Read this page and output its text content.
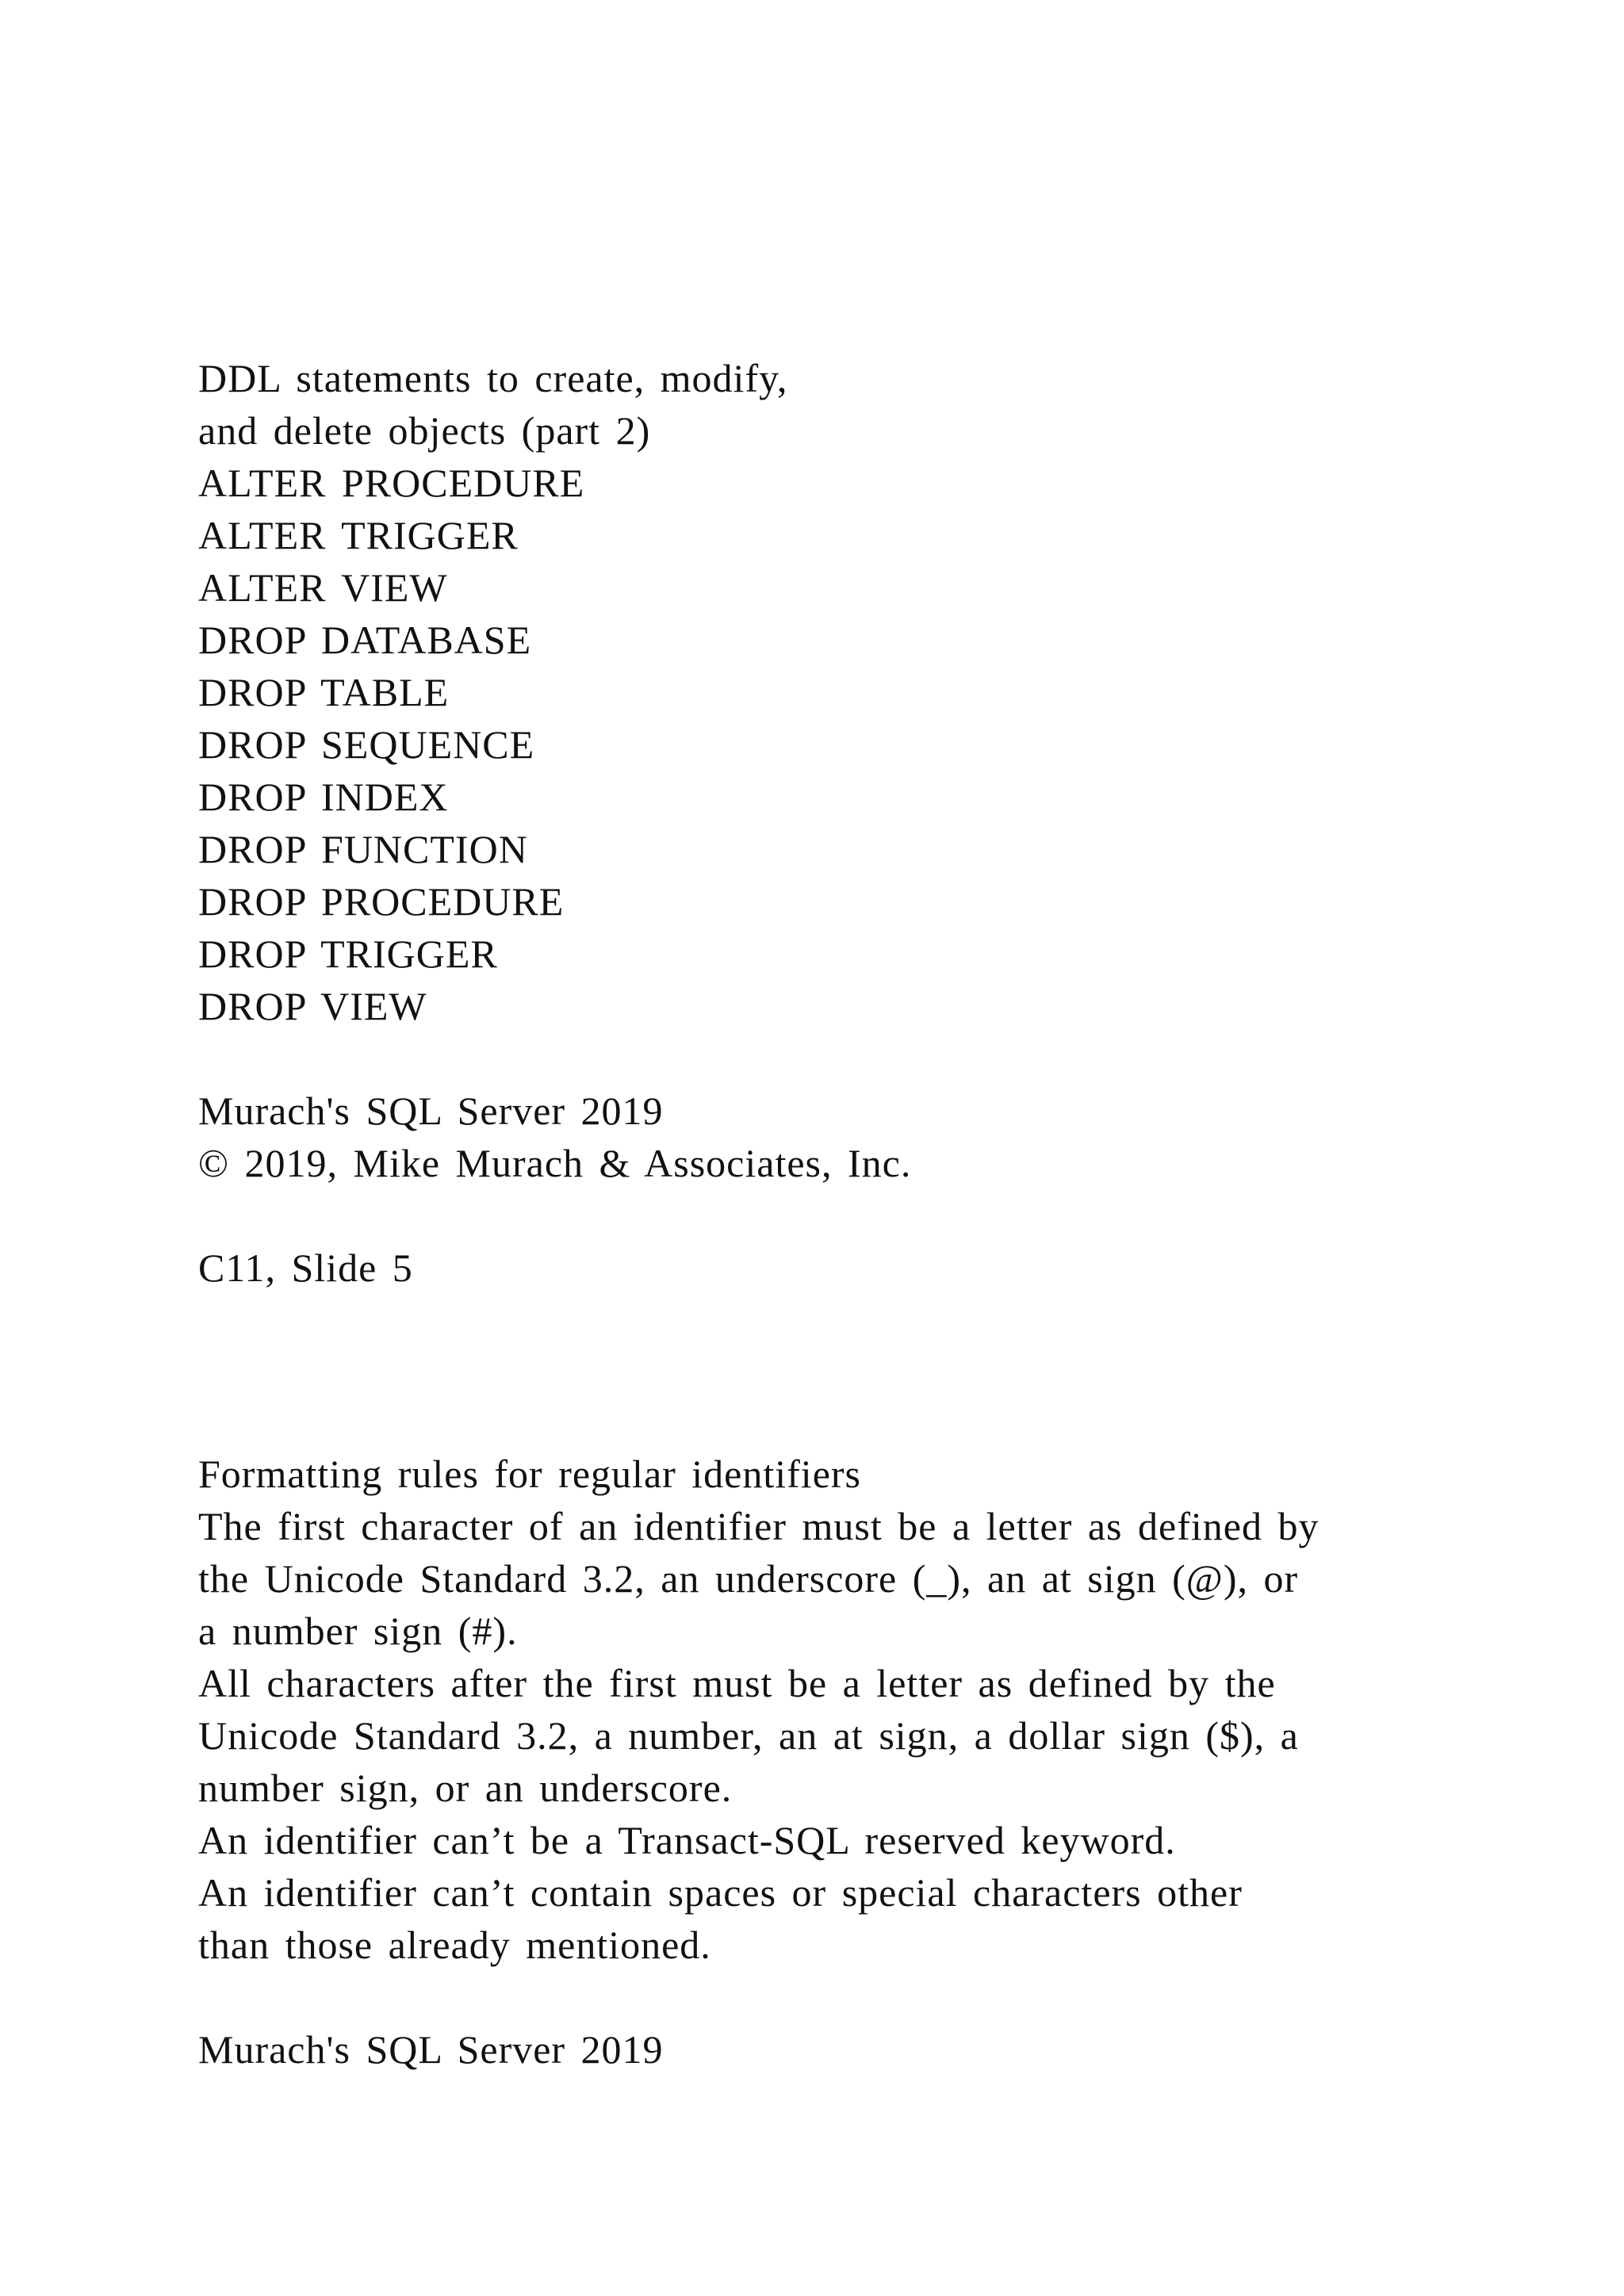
DDL statements to create, modify,
and delete objects (part 2)
ALTER PROCEDURE
ALTER TRIGGER
ALTER VIEW
DROP DATABASE
DROP TABLE
DROP SEQUENCE
DROP INDEX
DROP FUNCTION
DROP PROCEDURE
DROP TRIGGER
DROP VIEW
Murach's SQL Server 2019
© 2019, Mike Murach & Associates, Inc.
C11, Slide 5
Formatting rules for regular identifiers
The first character of an identifier must be a letter as defined by
the Unicode Standard 3.2, an underscore (_), an at sign (@), or
a number sign (#).
All characters after the first must be a letter as defined by the
Unicode Standard 3.2, a number, an at sign, a dollar sign ($), a
number sign, or an underscore.
An identifier can’t be a Transact-SQL reserved keyword.
An identifier can’t contain spaces or special characters other
than those already mentioned.
Murach's SQL Server 2019
